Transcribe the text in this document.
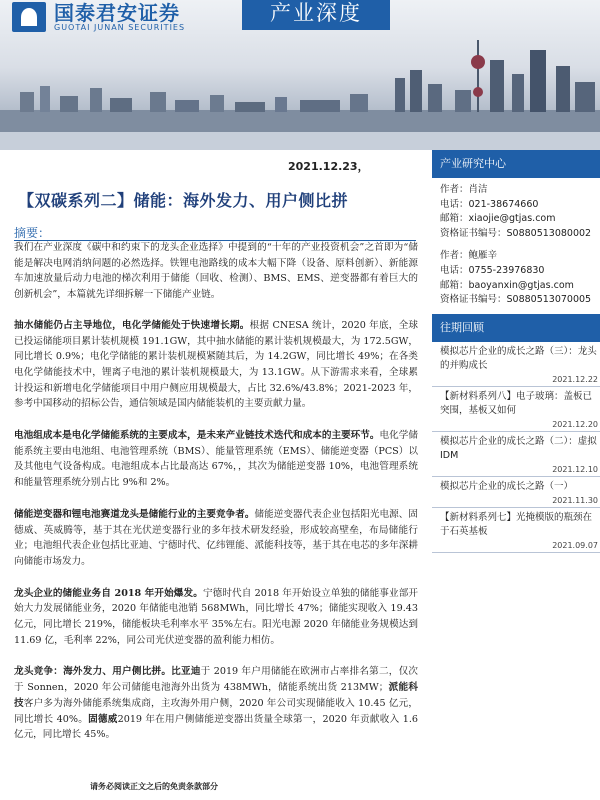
国泰君安证券
GUOTAI JUNAN SECURITIES
产业深度
2021.12.23，
【双碳系列二】储能：海外发力、用户侧比拼
摘要：

我们在产业深度《碳中和约束下的龙头企业选择》中提到的“十年的产业投资机会”之首即为“储能是解决电网消纳问题的必然选择。铁锂电池路线的成本大幅下降（设备、原料创新）、新能源车加速放量后动力电池的梯次利用于储能（回收、检测）、BMS、EMS、逆变器都有着巨大的创新机会”，本篇就先详细拆解一下储能产业链。

抽水储能仍占主导地位，电化学储能处于快速增长期。根据 CNESA 统计，2020 年底，全球已投运储能项目累计装机规模 191.1GW，其中抽水储能的累计装机规模最大，为 172.5GW，同比增长 0.9%；电化学储能的累计装机规模紧随其后，为 14.2GW，同比增长 49%；在各类电化学储能技术中，锂离子电池的累计装机规模最大，为 13.1GW。从下游需求来看，全球累计投运和新增电化学储能项目中用户侧应用规模最大，占比 32.6%/43.8%；2021-2023 年，参考中国移动的招标公告，通信领域是国内储能装机的主要贡献力量。

电池组成本是电化学储能系统的主要成本，是未来产业链技术迭代和成本的主要环节。电化学储能系统主要由电池组、电池管理系统（BMS）、能量管理系统（EMS）、储能逆变器（PCS）以及其他电气设备构成。电池组成本占比最高达 67%，，其次为储能逆变器 10%，电池管理系统和能量管理系统分别占比 9%和 2%。

储能逆变器和锂电池赛道龙头是储能行业的主要竞争者。储能逆变器代表企业包括阳光电源、固德威、英威腾等，基于其在光伏逆变器行业的多年技术研发经验，形成较高壁垒，布局储能行业；电池组代表企业包括比亚迪、宁德时代、亿纬锂能、派能科技等，基于其在电芯的多年深耕向储能市场发力。

龙头企业的储能业务自 2018 年开始爆发。宁德时代自 2018 年开始设立单独的储能事业部开始大力发展储能业务，2020 年储能电池销 568MWh，同比增长 47%；储能实现收入 19.43 亿元，同比增长 219%，储能板块毛利率水平 35%左右。阳光电源 2020 年储能业务规模达到 11.69 亿，毛利率 22%，同公司光伏逆变器的盈利能力相仿。

龙头竞争：海外发力、用户侧比拼。比亚迪于 2019 年户用储能在欧洲市占率排名第二，仅次于 Sonnen，2020 年公司储能电池海外出货为 438MWh，储能系统出货 213MW；派能科技客户多为海外储能系统集成商，主攻海外用户侧，2020 年公司实现储能收入 10.45 亿元，同比增长 40%。固德威2019 年在用户侧储能逆变器出货量全球第一，2020 年贡献收入 1.6 亿元，同比增长 45%。

产业研究中心
作者：肖洁
电话：021-38674660
邮箱：xiaojie@gtjas.com
资格证书编号：S0880513080002
作者：鲍雁辛
电话：0755-23976830
邮箱：baoyanxin@gtjas.com
资格证书编号：S0880513070005
往期回顾
模拟芯片企业的成长之路（三）：龙头的并购成长
2021.12.22
【新材料系列八】电子玻璃：盖板已突围，基板又如何
2021.12.20
模拟芯片企业的成长之路（二）：虚拟 IDM
2021.12.10
模拟芯片企业的成长之路（一）
2021.11.30
【新材料系列七】光掩模版的瓶颈在于石英基板
2021.09.07
请务必阅读正文之后的免责条款部分
